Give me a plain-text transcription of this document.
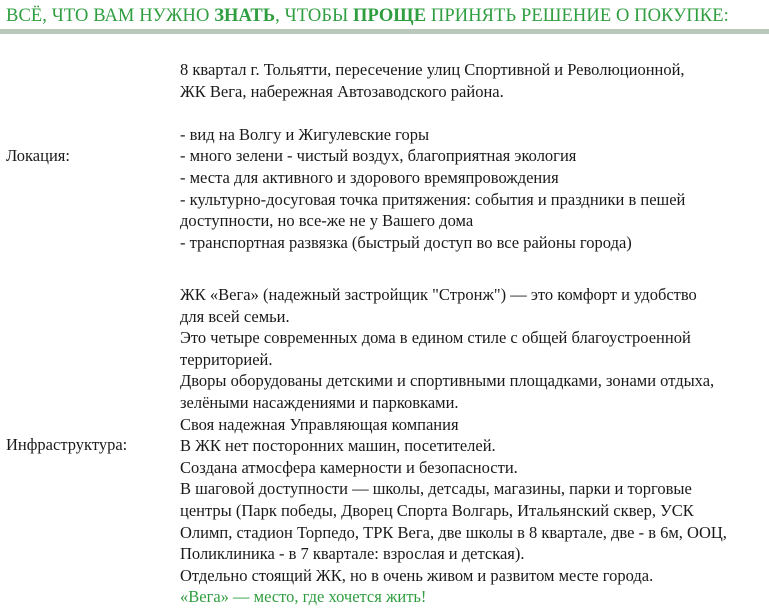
ВСЁ, ЧТО ВАМ НУЖНО ЗНАТЬ, ЧТОБЫ ПРОЩЕ ПРИНЯТЬ РЕШЕНИЕ О ПОКУПКЕ:
Локация:

8 квартал г. Тольятти, пересечение улиц Спортивной и Революционной,

ЖК Вега, набережная Автозаводского района.

- вид на Волгу и Жигулевские горы

- много зелени - чистый воздух, благоприятная экология

- места для активного и здорового времяпровождения

- культурно-досуговая точка притяжения: события и праздники в пешей

доступности, но все-же не у Вашего дома

- транспортная развязка (быстрый доступ во все районы города)

Инфраструктура:

ЖК «Вега» (надежный застройщик "Стронж") — это комфорт и удобство

для всей семьи.

Это четыре современных дома в едином стиле с общей благоустроенной

территорией.

Дворы оборудованы детскими и спортивными площадками, зонами отдыха,

зелёными насаждениями и парковками.

Своя надежная Управляющая компания

В ЖК нет посторонних машин, посетителей.

Создана атмосфера камерности и безопасности.

В шаговой доступности — школы, детсады, магазины, парки и торговые

центры (Парк победы, Дворец Спорта Волгарь, Итальянский сквер, УСК

Олимп, стадион Торпедо, ТРК Вега, две школы в 8 квартале, две - в 6м, ООЦ,

Поликлиника - в 7 квартале: взрослая и детская).

Отдельно стоящий ЖК, но в очень живом и развитом месте города.

«Вега» — место, где хочется жить!
